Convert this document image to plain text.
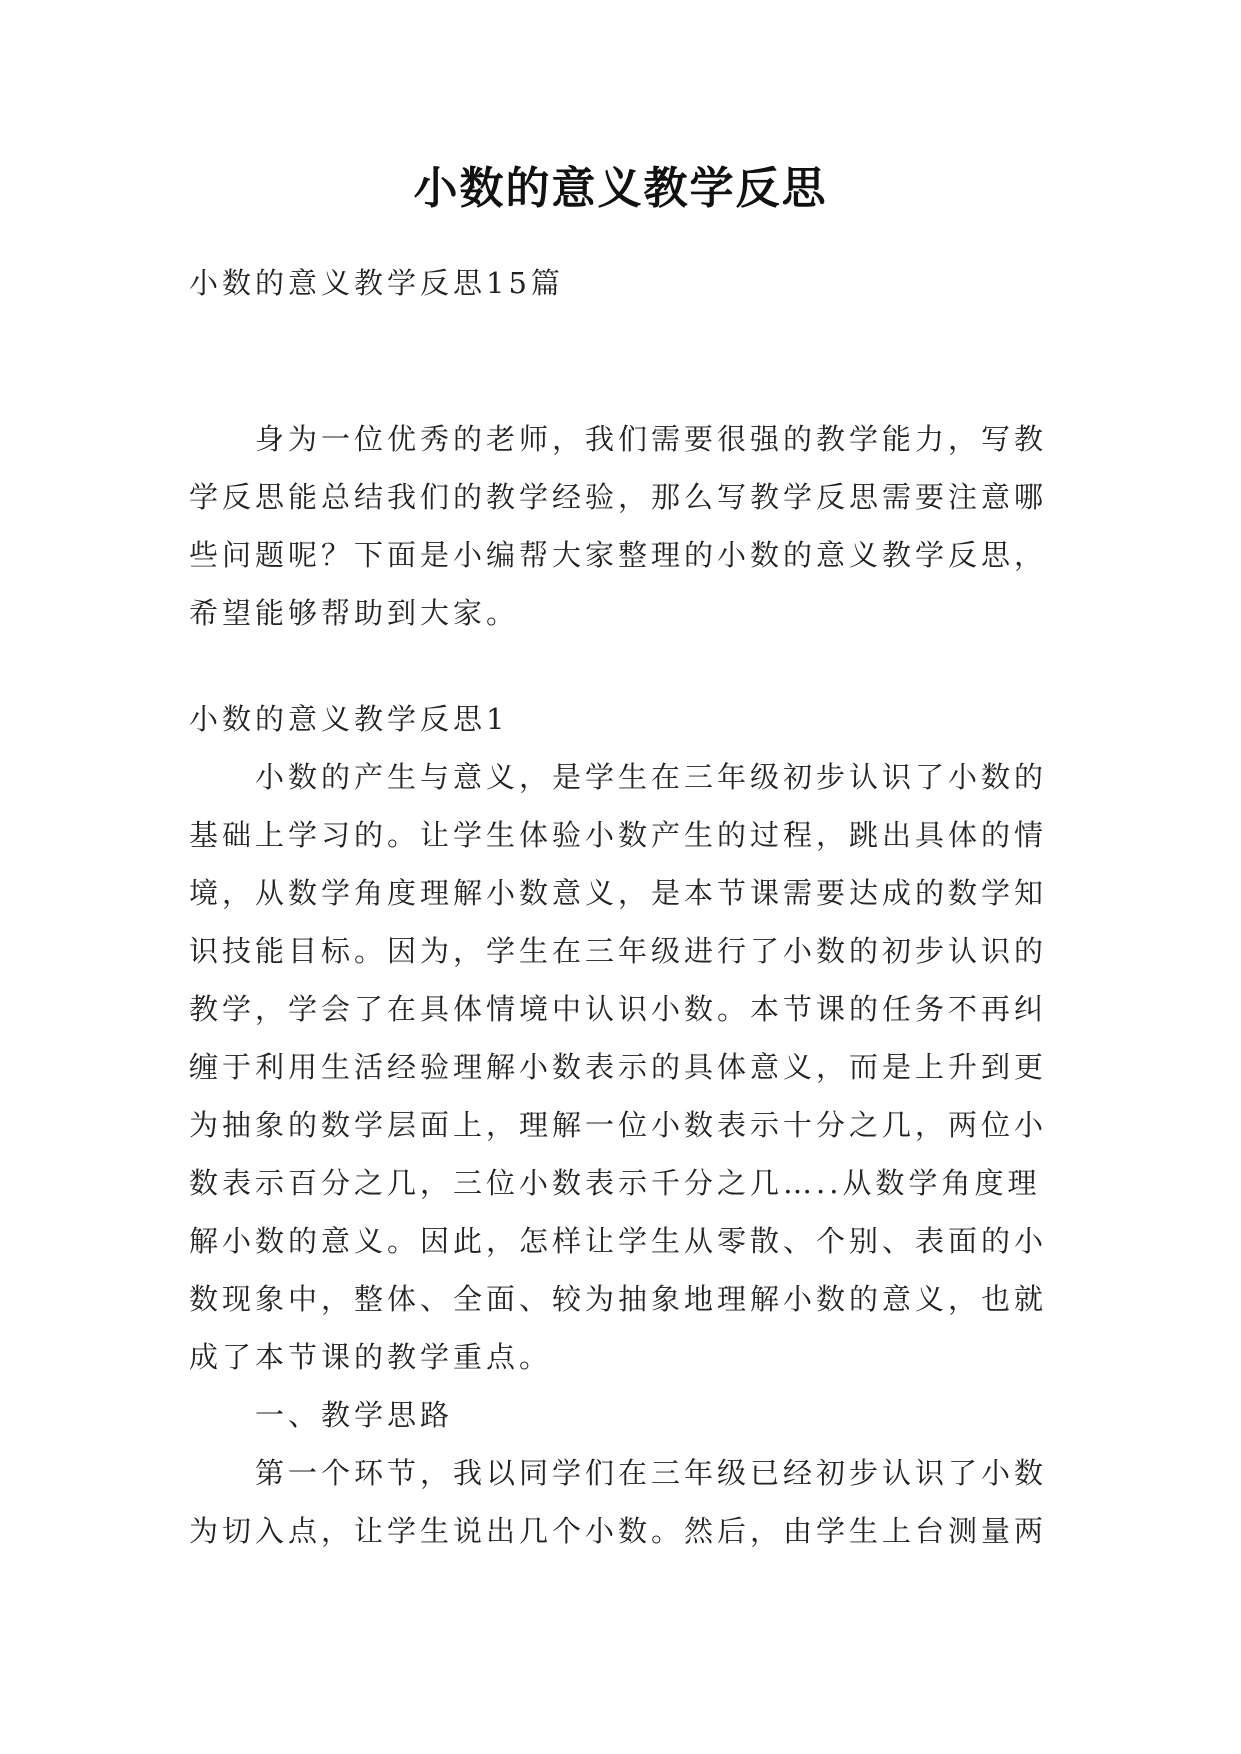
小数的意义教学反思
小数的意义教学反思15篇
　　身为一位优秀的老师，我们需要很强的教学能力，写教
学反思能总结我们的教学经验，那么写教学反思需要注意哪
些问题呢？下面是小编帮大家整理的小数的意义教学反思，
希望能够帮助到大家。
小数的意义教学反思1
　　小数的产生与意义，是学生在三年级初步认识了小数的
基础上学习的。让学生体验小数产生的过程，跳出具体的情
境，从数学角度理解小数意义，是本节课需要达成的数学知
识技能目标。因为，学生在三年级进行了小数的初步认识的
教学，学会了在具体情境中认识小数。本节课的任务不再纠
缠于利用生活经验理解小数表示的具体意义，而是上升到更
为抽象的数学层面上，理解一位小数表示十分之几，两位小
数表示百分之几，三位小数表示千分之几…..从数学角度理
解小数的意义。因此，怎样让学生从零散、个别、表面的小
数现象中，整体、全面、较为抽象地理解小数的意义，也就
成了本节课的教学重点。
　　一、教学思路
　　第一个环节，我以同学们在三年级已经初步认识了小数
为切入点，让学生说出几个小数。然后，由学生上台测量两
